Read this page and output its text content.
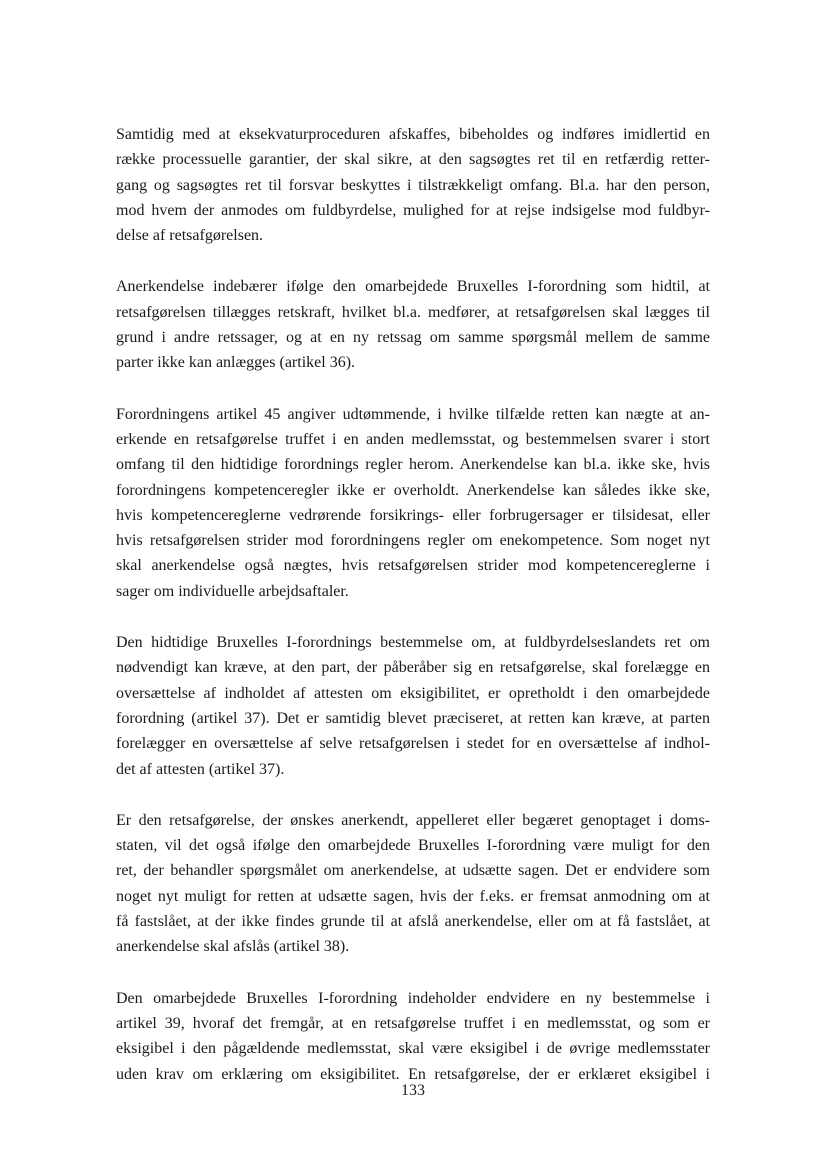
Samtidig med at eksekvaturproceduren afskaffes, bibeholdes og indføres imidlertid en
række processuelle garantier, der skal sikre, at den sagsøgtes ret til en retfærdig retter-
gang og sagsøgtes ret til forsvar beskyttes i tilstrækkeligt omfang. Bl.a. har den person,
mod hvem der anmodes om fuldbyrdelse, mulighed for at rejse indsigelse mod fuldbyr-
delse af retsafgørelsen.

Anerkendelse indebærer ifølge den omarbejdede Bruxelles I-forordning som hidtil, at
retsafgørelsen tillægges retskraft, hvilket bl.a. medfører, at retsafgørelsen skal lægges til
grund i andre retssager, og at en ny retssag om samme spørgsmål mellem de samme
parter ikke kan anlægges (artikel 36).

Forordningens artikel 45 angiver udtømmende, i hvilke tilfælde retten kan nægte at an-
erkende en retsafgørelse truffet i en anden medlemsstat, og bestemmelsen svarer i stort
omfang til den hidtidige forordnings regler herom. Anerkendelse kan bl.a. ikke ske, hvis
forordningens kompetenceregler ikke er overholdt. Anerkendelse kan således ikke ske,
hvis kompetencereglerne vedrørende forsikrings- eller forbrugersager er tilsidesat, eller
hvis retsafgørelsen strider mod forordningens regler om enekompetence. Som noget nyt
skal anerkendelse også nægtes, hvis retsafgørelsen strider mod kompetencereglerne i
sager om individuelle arbejdsaftaler.

Den hidtidige Bruxelles I-forordnings bestemmelse om, at fuldbyrdelseslandets ret om
nødvendigt kan kræve, at den part, der påberåber sig en retsafgørelse, skal forelægge en
oversættelse af indholdet af attesten om eksigibilitet, er opretholdt i den omarbejdede
forordning (artikel 37). Det er samtidig blevet præciseret, at retten kan kræve, at parten
forelægger en oversættelse af selve retsafgørelsen i stedet for en oversættelse af indhol-
det af attesten (artikel 37).

Er den retsafgørelse, der ønskes anerkendt, appelleret eller begæret genoptaget i doms-
staten, vil det også ifølge den omarbejdede Bruxelles I-forordning være muligt for den
ret, der behandler spørgsmålet om anerkendelse, at udsætte sagen. Det er endvidere som
noget nyt muligt for retten at udsætte sagen, hvis der f.eks. er fremsat anmodning om at
få fastslået, at der ikke findes grunde til at afslå anerkendelse, eller om at få fastslået, at
anerkendelse skal afslås (artikel 38).

Den omarbejdede Bruxelles I-forordning indeholder endvidere en ny bestemmelse i
artikel 39, hvoraf det fremgår, at en retsafgørelse truffet i en medlemsstat, og som er
eksigibel i den pågældende medlemsstat, skal være eksigibel i de øvrige medlemsstater
uden krav om erklæring om eksigibilitet. En retsafgørelse, der er erklæret eksigibel i

133
